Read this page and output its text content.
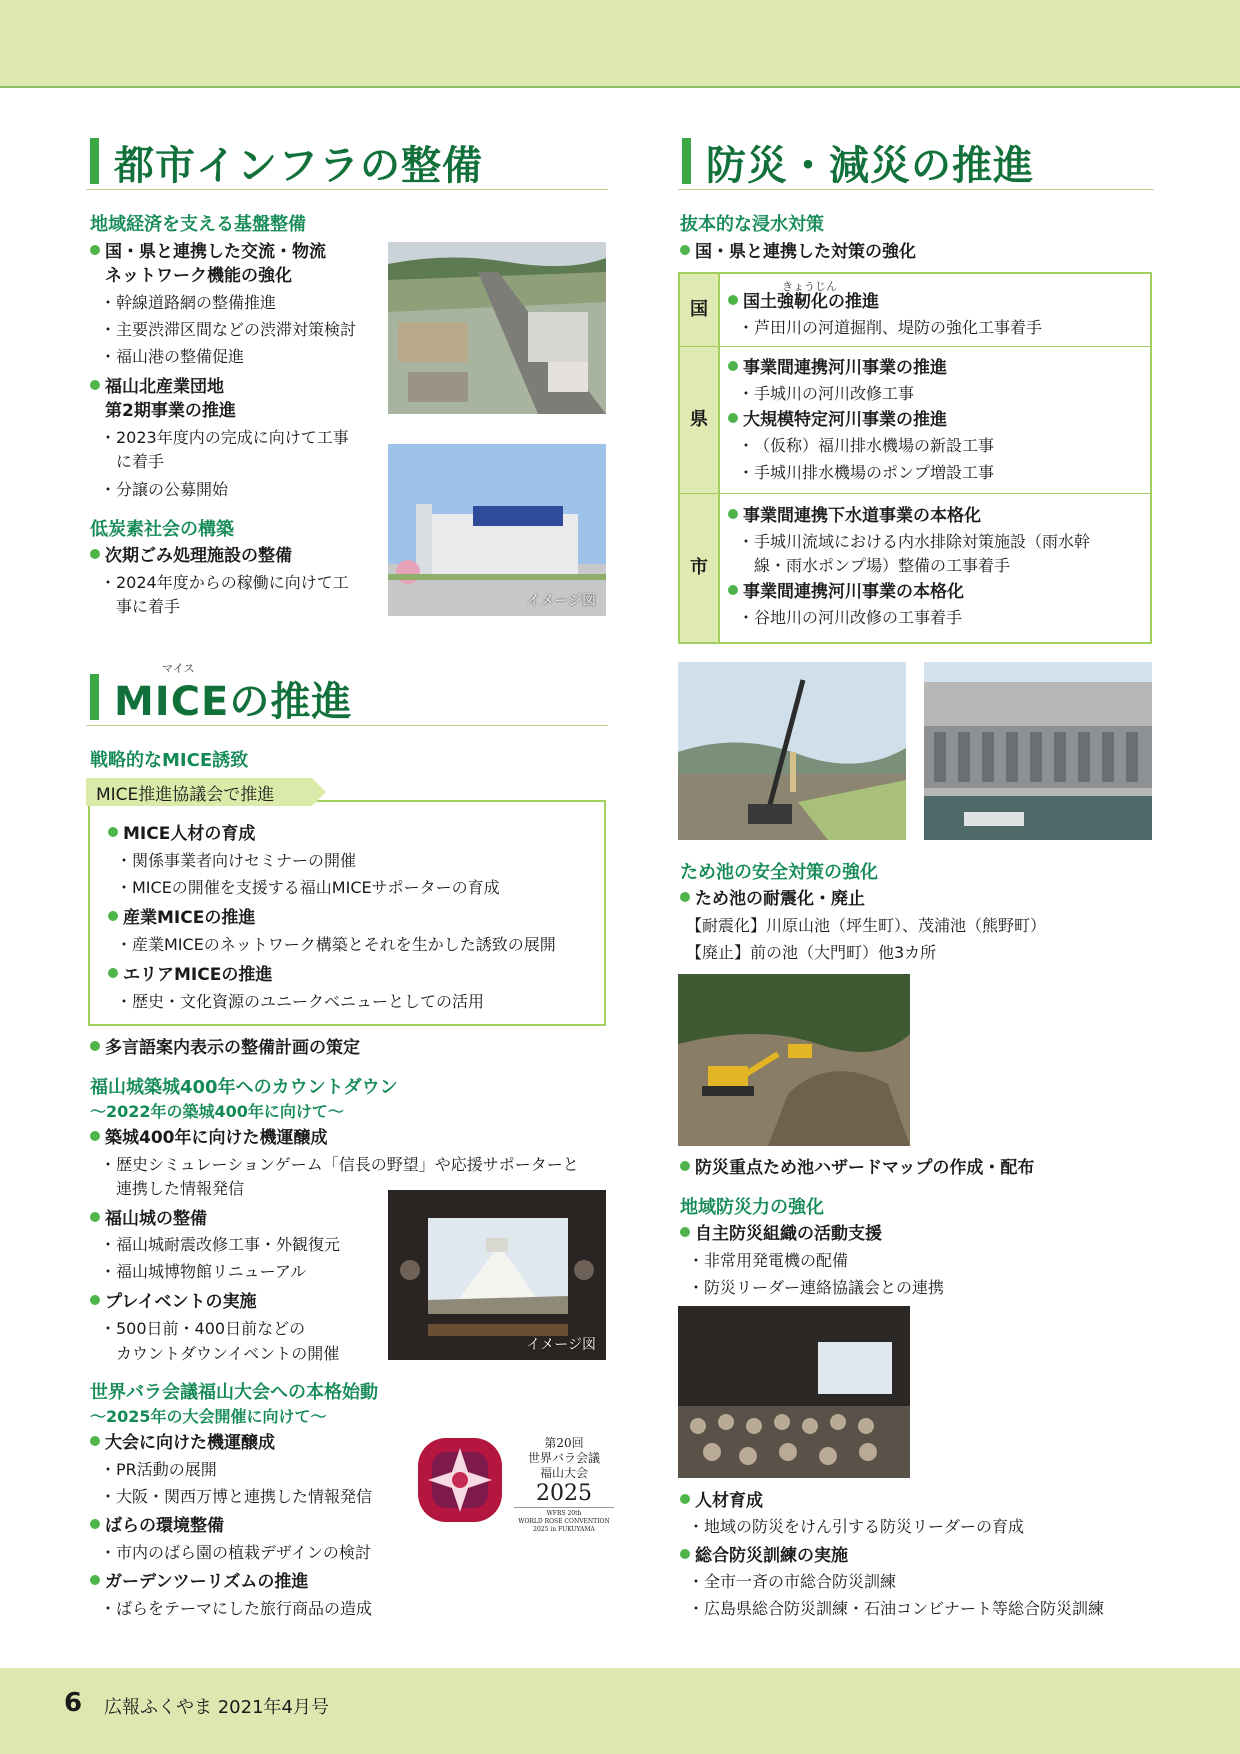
都市インフラの整備
地域経済を支える基盤整備
国・県と連携した交流・物流
ネットワーク機能の強化
・幹線道路網の整備推進
・主要渋滞区間などの渋滞対策検討
・福山港の整備促進
福山北産業団地
第2期事業の推進
・2023年度内の完成に向けて工事
に着手
・分譲の公募開始
低炭素社会の構築
次期ごみ処理施設の整備
・2024年度からの稼働に向けて工
事に着手	イメージ図
マイス
MICEの推進
戦略的なMICE誘致
MICE推進協議会で推進
MICE人材の育成
・関係事業者向けセミナーの開催
・MICEの開催を支援する福山MICEサポーターの育成
産業MICEの推進
・産業MICEのネットワーク構築とそれを生かした誘致の展開
エリアMICEの推進
・歴史・文化資源のユニークベニューとしての活用
多言語案内表示の整備計画の策定
福山城築城400年へのカウントダウン
～2022年の築城400年に向けて～
築城400年に向けた機運醸成
・歴史シミュレーションゲーム「信長の野望」や応援サポーターと
連携した情報発信
福山城の整備
・福山城耐震改修工事・外観復元
・福山城博物館リニューアル
プレイベントの実施
・500日前・400日前などの
カウントダウンイベントの開催	イメージ図
世界バラ会議福山大会への本格始動
～2025年の大会開催に向けて～
大会に向けた機運醸成
・PR活動の展開
・大阪・関西万博と連携した情報発信
ばらの環境整備
・市内のばら園の植栽デザインの検討
ガーデンツーリズムの推進
・ばらをテーマにした旅行商品の造成
第20回
世界バラ会議
福山大会
2025
WFRS 20th
WORLD ROSE CONVENTION
2025 in FUKUYAMA
防災・減災の推進
抜本的な浸水対策
国・県と連携した対策の強化
国
きょうじん
国土強靭化の推進
・芦田川の河道掘削、堤防の強化工事着手
県
事業間連携河川事業の推進
・手城川の河川改修工事
大規模特定河川事業の推進
・（仮称）福川排水機場の新設工事
・手城川排水機場のポンプ増設工事
市
事業間連携下水道事業の本格化
・手城川流域における内水排除対策施設（雨水幹
線・雨水ポンプ場）整備の工事着手
事業間連携河川事業の本格化
・谷地川の河川改修の工事着手
ため池の安全対策の強化
ため池の耐震化・廃止
【耐震化】川原山池（坪生町）、茂浦池（熊野町）
【廃止】前の池（大門町）他3カ所
防災重点ため池ハザードマップの作成・配布
地域防災力の強化
自主防災組織の活動支援
・非常用発電機の配備
・防災リーダー連絡協議会との連携
人材育成
・地域の防災をけん引する防災リーダーの育成
総合防災訓練の実施
・全市一斉の市総合防災訓練
・広島県総合防災訓練・石油コンビナート等総合防災訓練
6 広報ふくやま 2021年4月号
